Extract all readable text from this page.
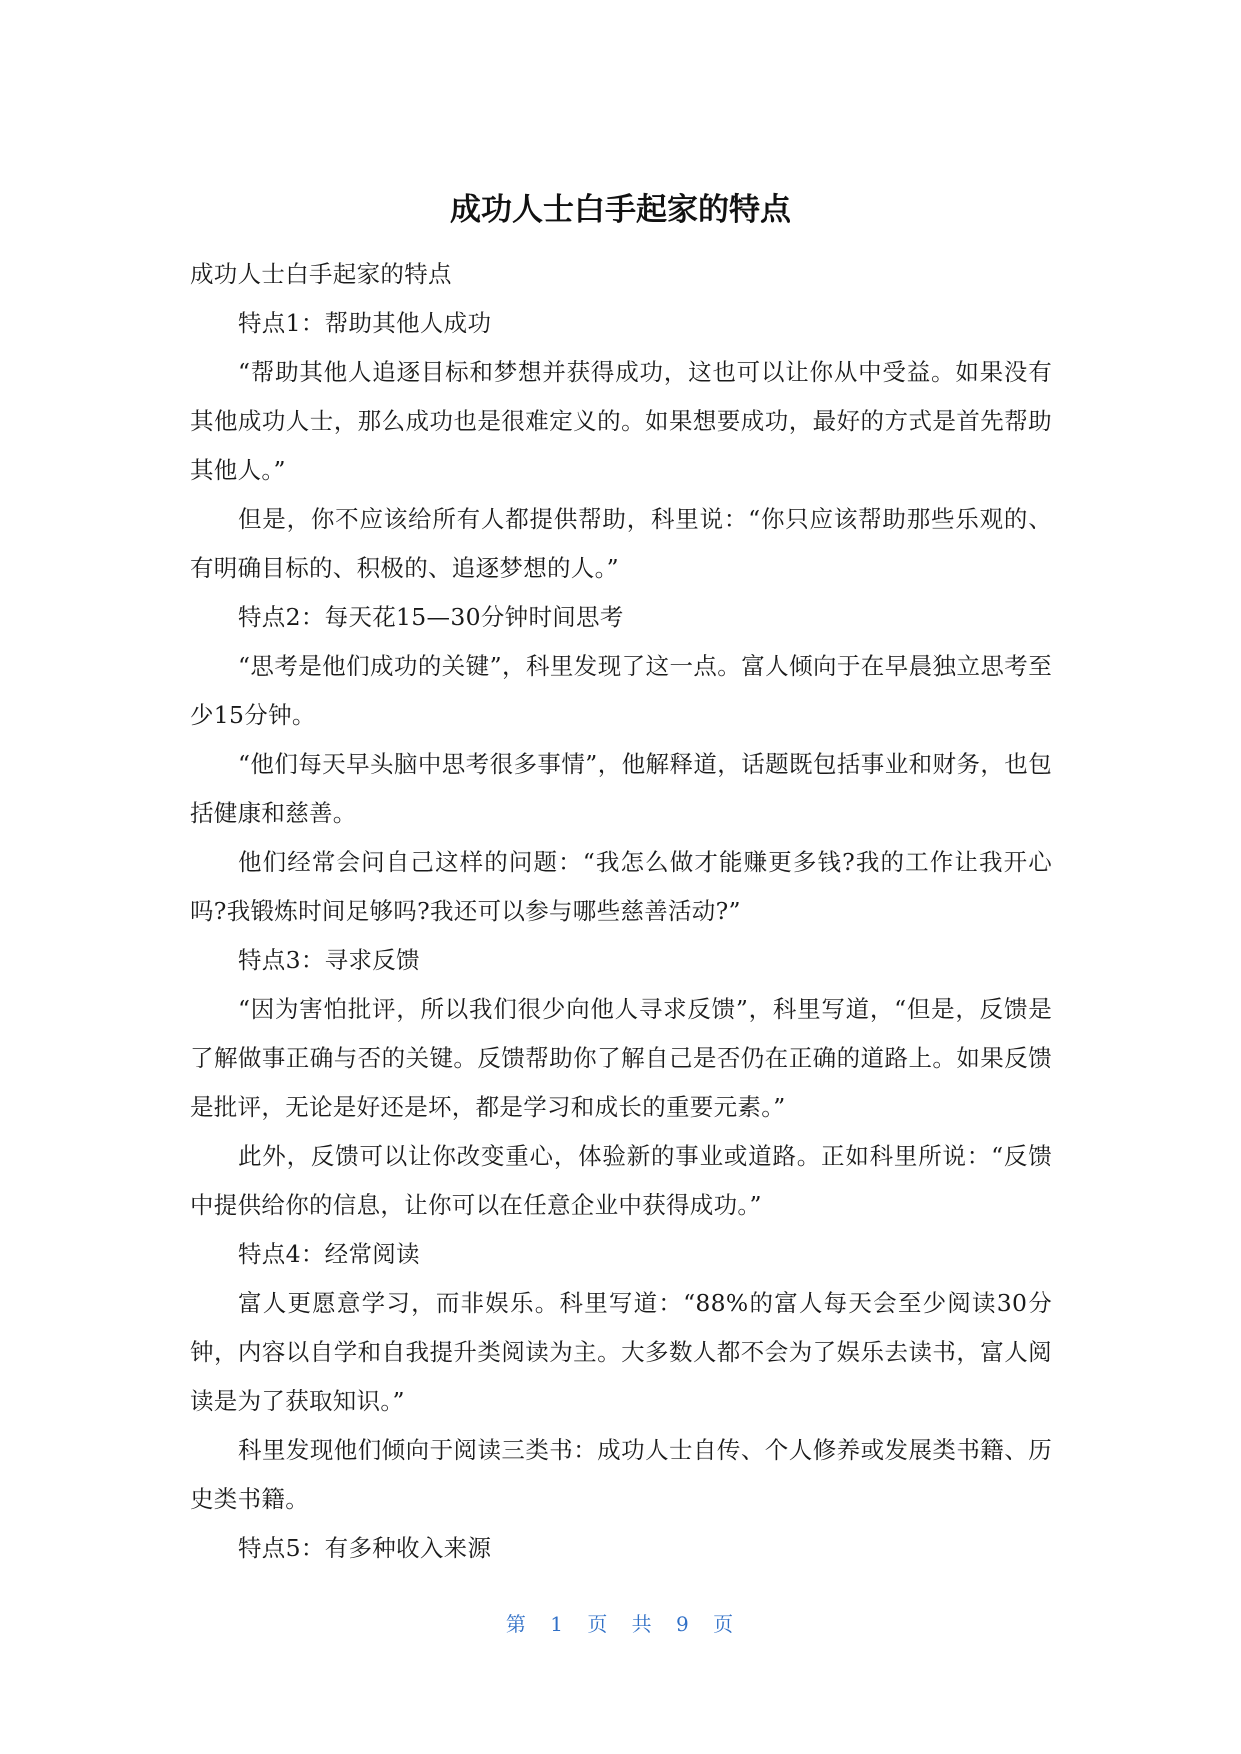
成功人士白手起家的特点

成功人士白手起家的特点

特点1：帮助其他人成功

“帮助其他人追逐目标和梦想并获得成功，这也可以让你从中受益。如果没有其他成功人士，那么成功也是很难定义的。如果想要成功，最好的方式是首先帮助其他人。”

但是，你不应该给所有人都提供帮助，科里说：“你只应该帮助那些乐观的、有明确目标的、积极的、追逐梦想的人。”

特点2：每天花15—30分钟时间思考

“思考是他们成功的关键”，科里发现了这一点。富人倾向于在早晨独立思考至少15分钟。

“他们每天早头脑中思考很多事情”，他解释道，话题既包括事业和财务，也包括健康和慈善。

他们经常会问自己这样的问题：“我怎么做才能赚更多钱?我的工作让我开心吗?我锻炼时间足够吗?我还可以参与哪些慈善活动?”

特点3：寻求反馈

“因为害怕批评，所以我们很少向他人寻求反馈”，科里写道，“但是，反馈是了解做事正确与否的关键。反馈帮助你了解自己是否仍在正确的道路上。如果反馈是批评，无论是好还是坏，都是学习和成长的重要元素。”

此外，反馈可以让你改变重心，体验新的事业或道路。正如科里所说：“反馈中提供给你的信息，让你可以在任意企业中获得成功。”

特点4：经常阅读

富人更愿意学习，而非娱乐。科里写道：“88%的富人每天会至少阅读30分钟，内容以自学和自我提升类阅读为主。大多数人都不会为了娱乐去读书，富人阅读是为了获取知识。”

科里发现他们倾向于阅读三类书：成功人士自传、个人修养或发展类书籍、历史类书籍。

特点5：有多种收入来源

第 1 页 共 9 页
